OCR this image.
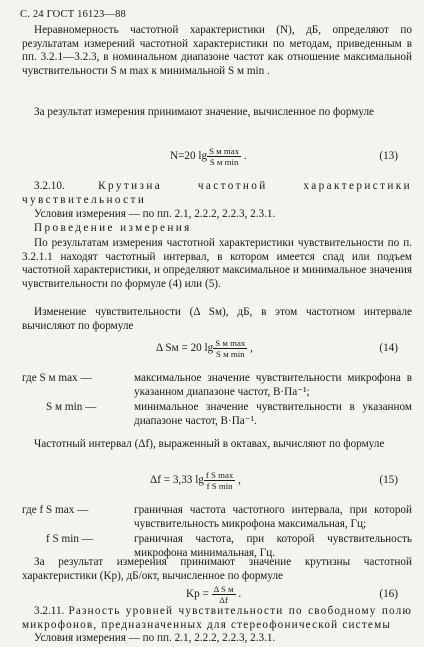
С. 24 ГОСТ 16123—88
Неравномерность частотной характеристики (N), дБ, определяют по результатам измерений частотной характеристики по методам, приведенным в пп. 3.2.1—3.2.3, в номинальном диапазоне частот как отношение максимальной чувствительности S м max к минимальной S м min .
За результат измерения принимают значение, вычисленное по формуле
N=20 $\lg \frac{\text{S м max}}{\text{S м min}}$ .	(13)
3.2.10.	Крутизна частотной характеристики чувствительности
Условия измерения — по пп. 2.1, 2.2.2, 2.2.3, 2.3.1.
Проведение измерения
По результатам измерения частотной характеристики чувствительности по п. 3.2.1.1 находят частотный интервал, в котором имеется спад или подъем частотной характеристики, и определяют максимальное и минимальное значения чувствительности по формуле (4) или (5).
Изменение чувствительности (Δ Sм), дБ, в этом частотном интервале вычисляют по формуле
Δ Sм = 20 $\lg \frac{\text{S м max}}{\text{S м min}}$ ,	(14)
где S м max —	максимальное значение чувствительности микрофона в указанном диапазоне частот, В·Па⁻¹;
S м min —	минимальное значение чувствительности в указанном диапазоне частот, В·Па⁻¹.
Частотный интервал (Δf), выраженный в октавах, вычисляют по формуле
Δf = 3,33 $\lg \frac{\text{f S max}}{\text{f S min}}$ ,	(15)
где f S max —	граничная частота частотного интервала, при которой чувствительность микрофона максимальная, Гц;
f S min —	граничная частота, при которой чувствительность микрофона минимальная, Гц.
За результат измерения принимают значение крутизны частотной характеристики (Kр), дБ/окт, вычисленное по формуле
Kр = $\frac{\text{Δ S м}}{\Delta f}$ .	(16)
3.2.11. Разность уровней чувствительности по свободному полю микрофонов, предназначенных для стереофонической системы
Условия измерения — по пп. 2.1, 2.2.2, 2.2.3, 2.3.1.
